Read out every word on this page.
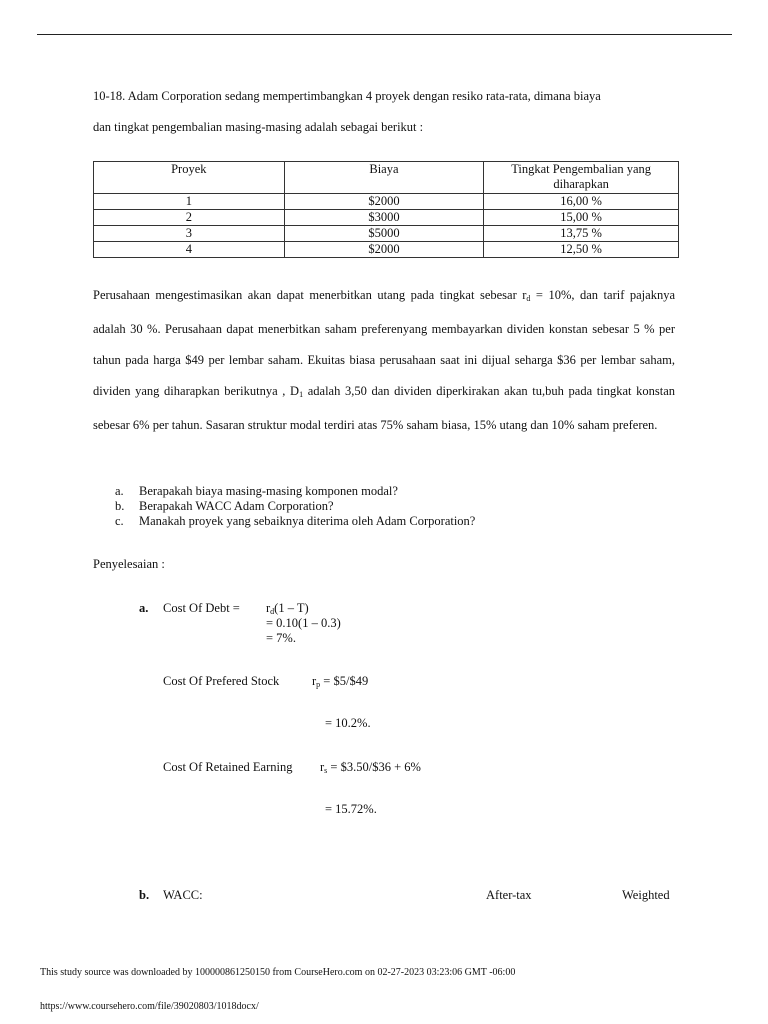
10-18. Adam Corporation sedang mempertimbangkan 4 proyek dengan resiko rata-rata, dimana biaya

dan tingkat pengembalian masing-masing adalah sebagai berikut :

Proyek	Biaya	Tingkat Pengembalian yang diharapkan
1	$2000	16,00 %
2	$3000	15,00 %
3	$5000	13,75 %
4	$2000	12,50 %

Perusahaan mengestimasikan akan dapat menerbitkan utang pada tingkat sebesar $r_d = 10\%$, dan tarif pajaknya adalah 30 %. Perusahaan dapat menerbitkan saham preferenyang membayarkan dividen konstan sebesar 5 % per tahun pada harga $49 per lembar saham. Ekuitas biasa perusahaan saat ini dijual seharga $36 per lembar saham, dividen yang diharapkan berikutnya , $D_1$ adalah 3,50 dan dividen diperkirakan akan tu,buh pada tingkat konstan sebesar 6% per tahun. Sasaran struktur modal terdiri atas 75% saham biasa, 15% utang dan 10% saham preferen.

a. Berapakah biaya masing-masing komponen modal?
b. Berapakah WACC Adam Corporation?
c. Manakah proyek yang sebaiknya diterima oleh Adam Corporation?
Penyelesaian :
a. Cost Of Debt = $r_d(1 - T)$
= 0.10(1 – 0.3)
= 7%.
Cost Of Prefered Stock	$r_p$ = $5/$49
= 10.2%.
Cost Of Retained Earning $r_s$ = $3.50/$36 + 6%
= 15.72%.
b. WACC:	After-tax	Weighted
This study source was downloaded by 100000861250150 from CourseHero.com on 02-27-2023 03:23:06 GMT -06:00
https://www.coursehero.com/file/39020803/1018docx/
